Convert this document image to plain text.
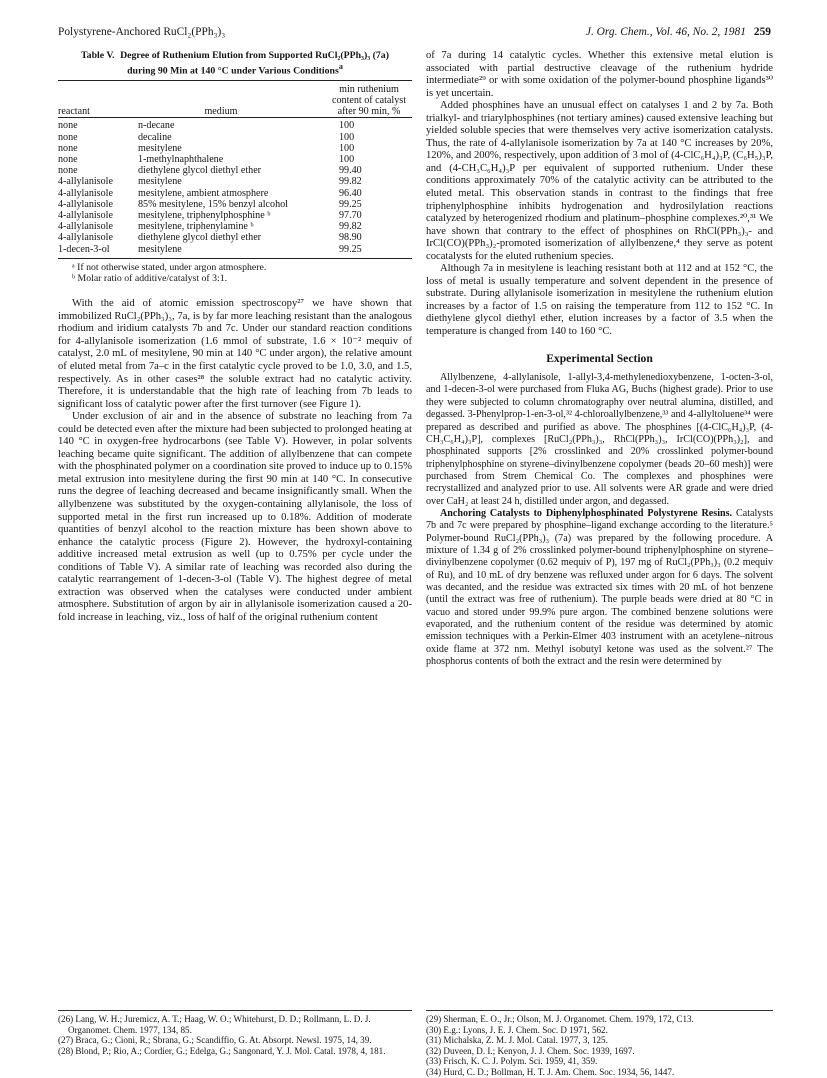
Polystyrene-Anchored RuCl₂(PPh₃)₃	J. Org. Chem., Vol. 46, No. 2, 1981 259
Table V. Degree of Ruthenium Elution from Supported RuCl₂(PPh₃)₃ (7a) during 90 Min at 140 °C under Various Conditions$^a$

reactant	medium	min ruthenium content of catalyst after 90 min, %
none	n-decane	100
none	decaline	100
none	mesitylene	100
none	1-methylnaphthalene	100
none	diethylene glycol diethyl ether	99.40
4-allylanisole	mesitylene	99.82
4-allylanisole	mesitylene, ambient atmosphere	96.40
4-allylanisole	85% mesitylene, 15% benzyl alcohol	99.25
4-allylanisole	mesitylene, triphenylphosphine ᵇ	97.70
4-allylanisole	mesitylene, triphenylamine ᵇ	99.82
4-allylanisole	diethylene glycol diethyl ether	98.90
1-decen-3-ol	mesitylene	99.25
ᵃ If not otherwise stated, under argon atmosphere.
ᵇ Molar ratio of additive/catalyst of 3:1.

With the aid of atomic emission spectroscopy²⁷ we have shown that immobilized RuCl₂(PPh₃)₃, 7a, is by far more leaching resistant than the analogous rhodium and iridium catalysts 7b and 7c. Under our standard reaction conditions for 4-allylanisole isomerization (1.6 mmol of substrate, 1.6 × 10⁻² mequiv of catalyst, 2.0 mL of mesitylene, 90 min at 140 °C under argon), the relative amount of eluted metal from 7a–c in the first catalytic cycle proved to be 1.0, 3.0, and 1.5, respectively. As in other cases²⁸ the soluble extract had no catalytic activity. Therefore, it is understandable that the high rate of leaching from 7b leads to significant loss of catalytic power after the first turnover (see Figure 1).

Under exclusion of air and in the absence of substrate no leaching from 7a could be detected even after the mixture had been subjected to prolonged heating at 140 °C in oxygen-free hydrocarbons (see Table V). However, in polar solvents leaching became quite significant. The addition of allylbenzene that can compete with the phosphinated polymer on a coordination site proved to induce up to 0.15% metal extrusion into mesitylene during the first 90 min at 140 °C. In consecutive runs the degree of leaching decreased and became insignificantly small. When the allylbenzene was substituted by the oxygen-containing allylanisole, the loss of supported metal in the first run increased up to 0.18%. Addition of moderate quantities of benzyl alcohol to the reaction mixture has been shown above to enhance the catalytic process (Figure 2). However, the hydroxyl-containing additive increased metal extrusion as well (up to 0.75% per cycle under the conditions of Table V). A similar rate of leaching was recorded also during the catalytic rearrangement of 1-decen-3-ol (Table V). The highest degree of metal extraction was observed when the catalyses were conducted under ambient atmosphere. Substitution of argon by air in allylanisole isomerization caused a 20-fold increase in leaching, viz., loss of half of the original ruthenium content

of 7a during 14 catalytic cycles. Whether this extensive metal elution is associated with partial destructive cleavage of the ruthenium hydride intermediate²⁹ or with some oxidation of the polymer-bound phosphine ligands³⁰ is yet uncertain.

Added phosphines have an unusual effect on catalyses 1 and 2 by 7a. Both trialkyl- and triarylphosphines (not tertiary amines) caused extensive leaching but yielded soluble species that were themselves very active isomerization catalysts. Thus, the rate of 4-allylanisole isomerization by 7a at 140 °C increases by 20%, 120%, and 200%, respectively, upon addition of 3 mol of (4-ClC₆H₄)₃P, (C₆H₅)₃P, and (4-CH₃C₆H₄)₃P per equivalent of supported ruthenium. Under these conditions approximately 70% of the catalytic activity can be attributed to the eluted metal. This observation stands in contrast to the findings that free triphenylphosphine inhibits hydrogenation and hydrosilylation reactions catalyzed by heterogenized rhodium and platinum–phosphine complexes.²⁰,³¹ We have shown that contrary to the effect of phosphines on RhCl(PPh₃)₃- and IrCl(CO)(PPh₃)₂-promoted isomerization of allylbenzene,⁴ they serve as potent cocatalysts for the eluted ruthenium species.

Although 7a in mesitylene is leaching resistant both at 112 and at 152 °C, the loss of metal is usually temperature and solvent dependent in the presence of substrate. During allylanisole isomerization in mesitylene the ruthenium elution increases by a factor of 1.5 on raising the temperature from 112 to 152 °C. In diethylene glycol diethyl ether, elution increases by a factor of 3.5 when the temperature is changed from 140 to 160 °C.

Experimental Section

Allylbenzene, 4-allylanisole, 1-allyl-3,4-methylenedioxybenzene, 1-octen-3-ol, and 1-decen-3-ol were purchased from Fluka AG, Buchs (highest grade). Prior to use they were subjected to column chromatography over neutral alumina, distilled, and degassed. 3-Phenylprop-1-en-3-ol,³² 4-chloroallylbenzene,³³ and 4-allyltoluene³⁴ were prepared as described and purified as above. The phosphines [(4-ClC₆H₄)₃P, (4-CH₃C₆H₄)₃P], complexes [RuCl₂(PPh₃)₃, RhCl(PPh₃)₃, IrCl(CO)(PPh₃)₂], and phosphinated supports [2% crosslinked and 20% crosslinked polymer-bound triphenylphosphine on styrene–divinylbenzene copolymer (beads 20–60 mesh)] were purchased from Strem Chemical Co. The complexes and phosphines were recrystallized and analyzed prior to use. All solvents were AR grade and were dried over CaH₂ at least 24 h, distilled under argon, and degassed.

Anchoring Catalysts to Diphenylphosphinated Polystyrene Resins. Catalysts 7b and 7c were prepared by phosphine–ligand exchange according to the literature.⁵ Polymer-bound RuCl₂(PPh₃)₃ (7a) was prepared by the following procedure. A mixture of 1.34 g of 2% crosslinked polymer-bound triphenylphosphine on styrene–divinylbenzene copolymer (0.62 mequiv of P), 197 mg of RuCl₂(PPh₃)₃ (0.2 mequiv of Ru), and 10 mL of dry benzene was refluxed under argon for 6 days. The solvent was decanted, and the residue was extracted six times with 20 mL of hot benzene (until the extract was free of ruthenium). The purple beads were dried at 80 °C in vacuo and stored under 99.9% pure argon. The combined benzene solutions were evaporated, and the ruthenium content of the residue was determined by atomic emission techniques with a Perkin-Elmer 403 instrument with an acetylene–nitrous oxide flame at 372 nm. Methyl isobutyl ketone was used as the solvent.²⁷ The phosphorus contents of both the extract and the resin were determined by

(26) Lang, W. H.; Juremicz, A. T.; Haag, W. O.; Whitehurst, D. D.; Rollmann, L. D. J. Organomet. Chem. 1977, 134, 85.
(27) Braca, G.; Cioni, R.; Sbrana, G.; Scandiffio, G. At. Absorpt. Newsl. 1975, 14, 39.
(28) Blond, P.; Rio, A.; Cordier, G.; Edelga, G.; Sangonard, Y. J. Mol. Catal. 1978, 4, 181.
(29) Sherman, E. O., Jr.; Olson, M. J. Organomet. Chem. 1979, 172, C13.
(30) E.g.: Lyons, J. E. J. Chem. Soc. D 1971, 562.
(31) Michalska, Z. M. J. Mol. Catal. 1977, 3, 125.
(32) Duveen, D. I.; Kenyon, J. J. Chem. Soc. 1939, 1697.
(33) Frisch, K. C. J. Polym. Sci. 1959, 41, 359.
(34) Hurd, C. D.; Bollman, H. T. J. Am. Chem. Soc. 1934, 56, 1447.
